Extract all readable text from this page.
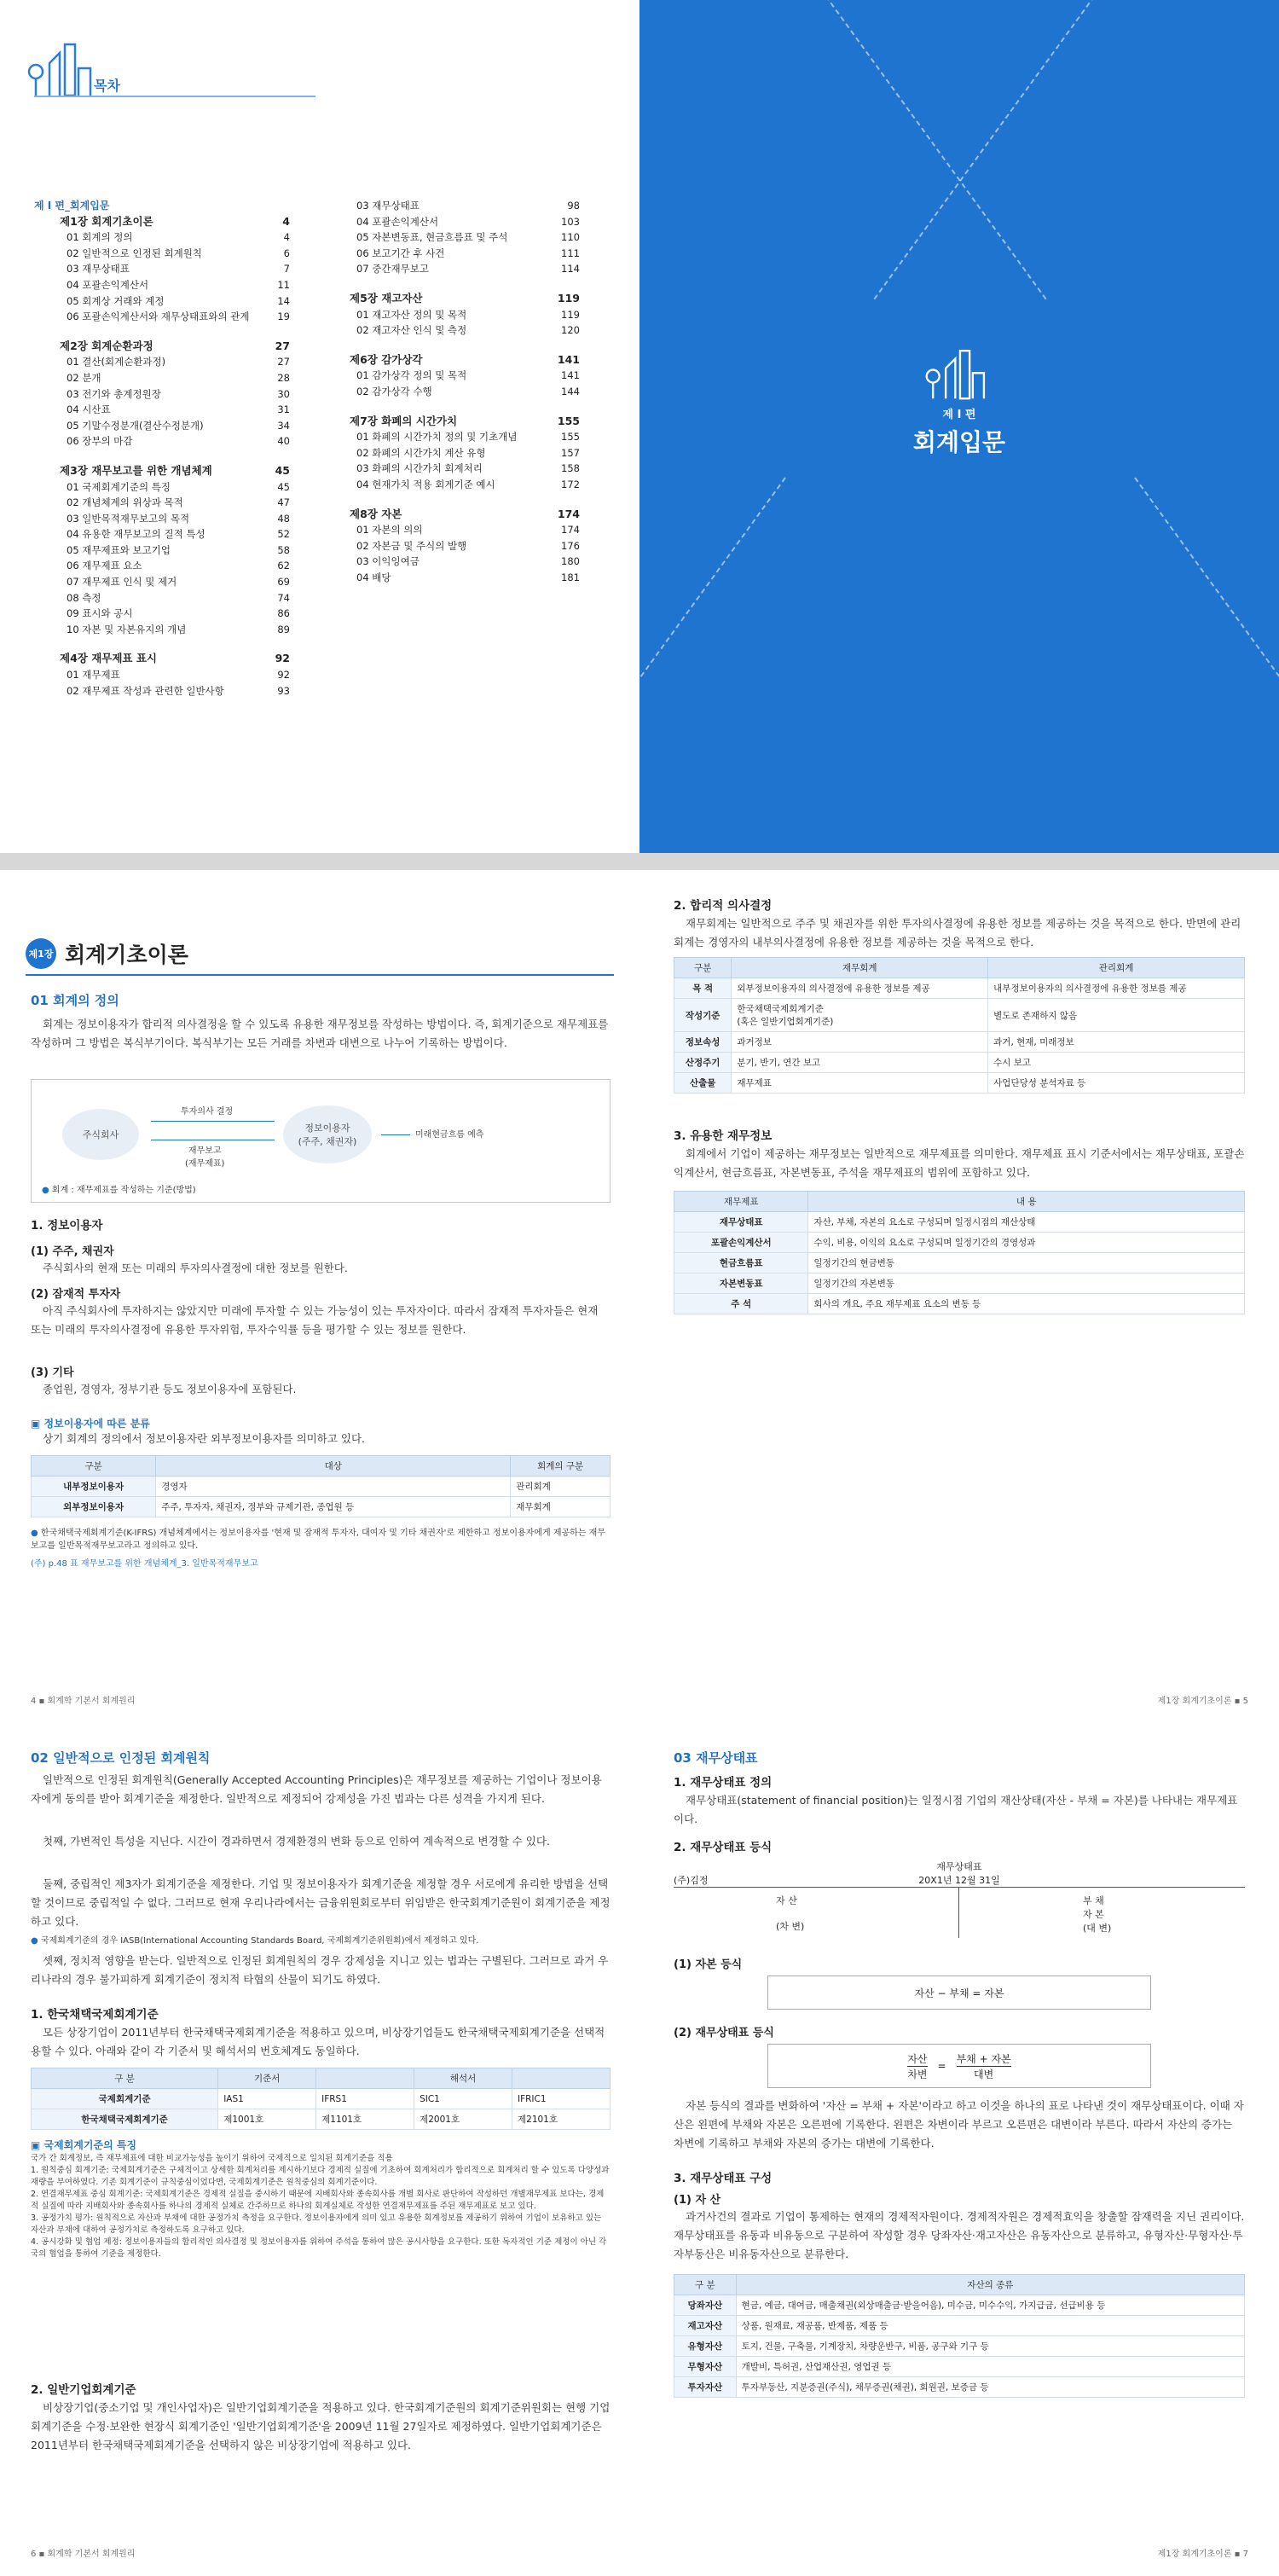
목차
제 I 편_회계입문
제1장 회계기초이론	4
01 회계의 정의	4
02 일반적으로 인정된 회계원칙	6
03 재무상태표	7
04 포괄손익계산서	11
05 회계상 거래와 계정	14
06 포괄손익계산서와 재무상태표와의 관계	19
제2장 회계순환과정	27
01 결산(회계순환과정)	27
02 분개	28
03 전기와 총계정원장	30
04 시산표	31
05 기말수정분개(결산수정분개)	34
06 장부의 마감	40
제3장 재무보고를 위한 개념체계	45
01 국제회계기준의 특징	45
02 개념체계의 위상과 목적	47
03 일반목적재무보고의 목적	48
04 유용한 재무보고의 질적 특성	52
05 재무제표와 보고기업	58
06 재무제표 요소	62
07 재무제표 인식 및 제거	69
08 측정	74
09 표시와 공시	86
10 자본 및 자본유지의 개념	89
제4장 재무제표 표시	92
01 재무제표	92
02 재무제표 작성과 관련한 일반사항	93
03 재무상태표	98
04 포괄손익계산서	103
05 자본변동표, 현금흐름표 및 주석	110
06 보고기간 후 사건	111
07 중간재무보고	114
제5장 재고자산	119
01 재고자산 정의 및 목적	119
02 재고자산 인식 및 측정	120
제6장 감가상각	141
01 감가상각 정의 및 목적	141
02 감가상각 수행	144
제7장 화폐의 시간가치	155
01 화폐의 시간가치 정의 및 기초개념	155
02 화폐의 시간가치 계산 유형	157
03 화폐의 시간가치 회계처리	158
04 현재가치 적용 회계기준 예시	172
제8장 자본	174
01 자본의 의의	174
02 자본금 및 주식의 발행	176
03 이익잉여금	180
04 배당	181
제 I 편
회계입문
제1장 회계기초이론
01 회계의 정의
회계는 정보이용자가 합리적 의사결정을 할 수 있도록 유용한 재무정보를 작성하는 방법이다. 즉, 회계기준으로 재무제표를 작성하며 그 방법은 복식부기이다. 복식부기는 모든 거래를 차변과 대변으로 나누어 기록하는 방법이다.
주식회사
정보이용자
(주주, 채권자)
투자의사 결정
재무보고
(재무제표)
미래현금흐름 예측
● 회계 : 재무제표를 작성하는 기준(방법)
1. 정보이용자
(1) 주주, 채권자
주식회사의 현재 또는 미래의 투자의사결정에 대한 정보를 원한다.
(2) 잠재적 투자자
아직 주식회사에 투자하지는 않았지만 미래에 투자할 수 있는 가능성이 있는 투자자이다. 따라서 잠재적 투자자들은 현재 또는 미래의 투자의사결정에 유용한 투자위험, 투자수익률 등을 평가할 수 있는 정보를 원한다.
(3) 기타
종업원, 경영자, 정부기관 등도 정보이용자에 포함된다.
▣ 정보이용자에 따른 분류
상기 회계의 정의에서 정보이용자란 외부정보이용자를 의미하고 있다.
구분	대상	회계의 구분
내부정보이용자	경영자	관리회계
외부정보이용자	주주, 투자자, 채권자, 정부와 규제기관, 종업원 등	재무회계
● 한국채택국제회계기준(K-IFRS) 개념체계에서는 정보이용자를 '현재 및 잠재적 투자자, 대여자 및 기타 채권자'로 제한하고 정보이용자에게 제공하는 재무보고를 일반목적재무보고라고 정의하고 있다.
(주) p.48 표 재무보고를 위한 개념체계_3. 일반목적재무보고
4 ▪ 회계학 기본서 회계원리
2. 합리적 의사결정
재무회계는 일반적으로 주주 및 채권자를 위한 투자의사결정에 유용한 정보를 제공하는 것을 목적으로 한다. 반면에 관리회계는 경영자의 내부의사결정에 유용한 정보를 제공하는 것을 목적으로 한다.
구분	재무회계	관리회계
목 적	외부정보이용자의 의사결정에 유용한 정보를 제공	내부정보이용자의 의사결정에 유용한 정보를 제공
작성기준	한국채택국제회계기준
(혹은 일반기업회계기준)	별도로 존재하지 않음
정보속성	과거정보	과거, 현재, 미래정보
산정주기	분기, 반기, 연간 보고	수시 보고
산출물	재무제표	사업단당성 분석자료 등
3. 유용한 재무정보
회계에서 기업이 제공하는 재무정보는 일반적으로 재무제표를 의미한다. 재무제표 표시 기준서에서는 재무상태표, 포괄손익계산서, 현금흐름표, 자본변동표, 주석을 재무제표의 범위에 포함하고 있다.
재무제표	내 용
재무상태표	자산, 부채, 자본의 요소로 구성되며 일정시점의 재산상태
포괄손익계산서	수익, 비용, 이익의 요소로 구성되며 일정기간의 경영성과
현금흐름표	일정기간의 현금변동
자본변동표	일정기간의 자본변동
주 석	회사의 개요, 주요 재무제표 요소의 변동 등
제1장 회계기초이론 ▪ 5
02 일반적으로 인정된 회계원칙
일반적으로 인정된 회계원칙(Generally Accepted Accounting Principles)은 재무정보를 제공하는 기업이나 정보이용자에게 동의를 받아 회계기준을 제정한다. 일반적으로 제정되어 강제성을 가진 법과는 다른 성격을 가지게 된다.
첫째, 가변적인 특성을 지닌다. 시간이 경과하면서 경제환경의 변화 등으로 인하여 계속적으로 변경할 수 있다.
둘째, 중립적인 제3자가 회계기준을 제정한다. 기업 및 정보이용자가 회계기준을 제정할 경우 서로에게 유리한 방법을 선택할 것이므로 중립적일 수 없다. 그러므로 현재 우리나라에서는 금융위원회로부터 위임받은 한국회계기준원이 회계기준을 제정하고 있다.
● 국제회계기준의 경우 IASB(International Accounting Standards Board, 국제회계기준위원회)에서 제정하고 있다.
셋째, 정치적 영향을 받는다. 일반적으로 인정된 회계원칙의 경우 강제성을 지니고 있는 법과는 구별된다. 그러므로 과거 우리나라의 경우 불가피하게 회계기준이 정치적 타협의 산물이 되기도 하였다.
1. 한국채택국제회계기준
모든 상장기업이 2011년부터 한국채택국제회계기준을 적용하고 있으며, 비상장기업들도 한국채택국제회계기준을 선택적용할 수 있다. 아래와 같이 각 기준서 및 해석서의 번호체계도 동일하다.
구 분	기준서		해석서	
국제회계기준	IAS1	IFRS1	SIC1	IFRIC1
한국채택국제회계기준	제1001호	제1101호	제2001호	제2101호
▣ 국제회계기준의 특징
국가 간 회계정보, 즉 재무제표에 대한 비교가능성을 높이기 위하여 국제적으로 일치된 회계기준을 적용
1. 원칙중심 회계기준: 국제회계기준은 구체적이고 상세한 회계처리를 제시하기보다 경제적 실질에 기초하여 회계처리가 합리적으로 회계처리 할 수 있도록 다양성과 재량을 부여하였다. 기존 회계기준이 규칙중심이었다면, 국제회계기준은 원칙중심의 회계기준이다.
2. 연결재무제표 중심 회계기준: 국제회계기준은 경제적 실질을 중시하기 때문에 지배회사와 종속회사를 개별 회사로 판단하여 작성하던 개별재무제표 보다는, 경제적 실질에 따라 지배회사와 종속회사를 하나의 경제적 실체로 간주하므로 하나의 회계실체로 작성한 연결재무제표를 주된 재무제표로 보고 있다.
3. 공정가치 평가: 원칙적으로 자산과 부채에 대한 공정가치 측정을 요구한다. 정보이용자에게 의미 있고 유용한 회계정보를 제공하기 위하여 기업이 보유하고 있는 자산과 부채에 대하여 공정가치로 측정하도록 요구하고 있다.
4. 공시강화 및 협업 제정: 정보이용자들의 합리적인 의사결정 및 정보이용자를 위하여 주석을 통하여 많은 공시사항을 요구한다. 또한 독자적인 기준 제정이 아닌 각국의 협업을 통하여 기준을 제정한다.
2. 일반기업회계기준
비상장기업(중소기업 및 개인사업자)은 일반기업회계기준을 적용하고 있다. 한국회계기준원의 회계기준위원회는 현행 기업회계기준을 수정·보완한 현장식 회계기준인 '일반기업회계기준'을 2009년 11월 27일자로 제정하였다. 일반기업회계기준은 2011년부터 한국채택국제회계기준을 선택하지 않은 비상장기업에 적용하고 있다.
6 ▪ 회계학 기본서 회계원리
03 재무상태표
1. 재무상태표 정의
재무상태표(statement of financial position)는 일정시점 기업의 재산상태(자산 - 부채 = 자본)를 나타내는 재무제표이다.
2. 재무상태표 등식
재무상태표
(주)김정	20X1년 12월 31일
자 산
(차 변)
부 채
자 본
(대 변)
(1) 자본 등식
자산 − 부채 = 자본
(2) 재무상태표 등식
자산
차변
=
부채 + 자본
대변
자본 등식의 결과를 변화하여 '자산 = 부채 + 자본'이라고 하고 이것을 하나의 표로 나타낸 것이 재무상태표이다. 이때 자산은 왼편에 부채와 자본은 오른편에 기록한다. 왼편은 차변이라 부르고 오른편은 대변이라 부른다. 따라서 자산의 증가는 차변에 기록하고 부채와 자본의 증가는 대변에 기록한다.
3. 재무상태표 구성
(1) 자 산
과거사건의 결과로 기업이 통제하는 현재의 경제적자원이다. 경제적자원은 경제적효익을 창출할 잠재력을 지닌 권리이다. 재무상태표를 유동과 비유동으로 구분하여 작성할 경우 당좌자산·재고자산은 유동자산으로 분류하고, 유형자산·무형자산·투자부동산은 비유동자산으로 분류한다.
구 분	자산의 종류
당좌자산	현금, 예금, 대여금, 매출채권(외상매출금·받을어음), 미수금, 미수수익, 가지급금, 선급비용 등
재고자산	상품, 원재료, 재공품, 반제품, 제품 등
유형자산	토지, 건물, 구축물, 기계장치, 차량운반구, 비품, 공구와 기구 등
무형자산	개발비, 특허권, 산업재산권, 영업권 등
투자자산	투자부동산, 지분증권(주식), 채무증권(채권), 회원권, 보증금 등
제1장 회계기초이론 ▪ 7
